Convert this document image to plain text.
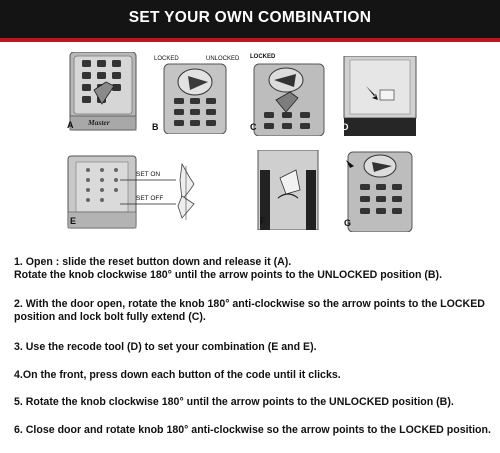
SET YOUR OWN COMBINATION
A Master
LOCKED	UNLOCKED
B
LOCKED
C	D
E
SET ON
SET OFF
F	G
1. Open : slide the reset button down and release it (A).
Rotate the knob clockwise 180° until the arrow points to the UNLOCKED position (B).
2. With the door open, rotate the knob 180° anti-clockwise so the arrow points to the LOCKED position and lock bolt fully extend (C).
3. Use the recode tool (D) to set your combination (E and E).
4.On the front, press down each button of the code until it clicks.
5. Rotate the knob clockwise 180° until the arrow points to the UNLOCKED position (B).
6. Close door and rotate knob 180° anti-clockwise so the arrow points to the LOCKED position.
